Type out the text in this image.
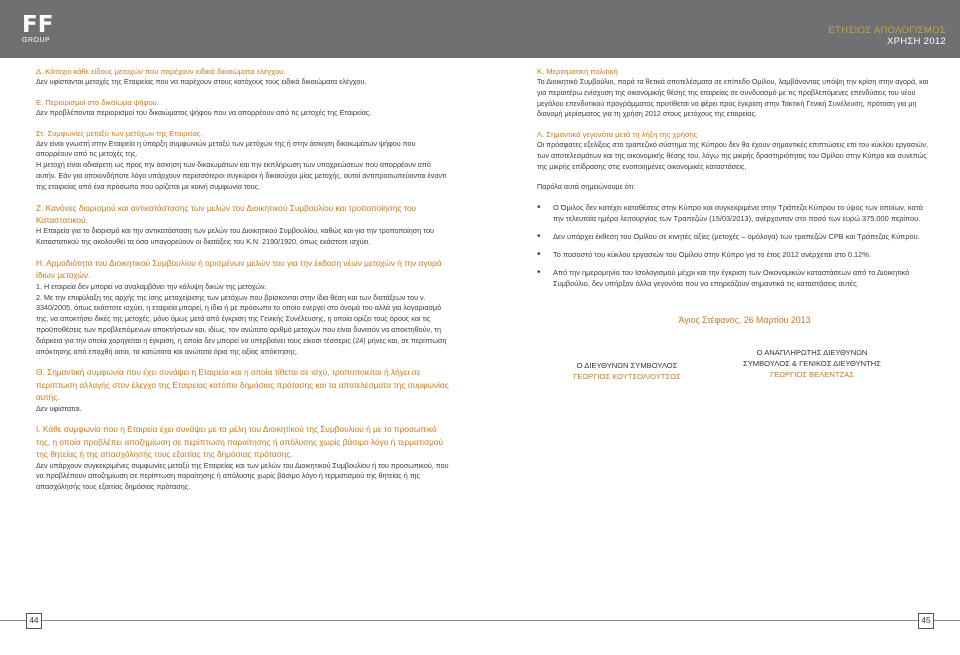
FF
GROUP
ΕΤΗΣΙΟΣ ΑΠΟΛΟΓΙΣΜΟΣ
ΧΡΗΣΗ 2012
Δ. Κάτοχοι κάθε είδους μετοχών που παρέχουν ειδικά δικαιώματα ελέγχου.
Δεν υφίστανται μετοχές της Εταιρείας που να παρέχουν στους κατόχους τους ειδικά δικαιώματα ελέγχου.
Ε. Περιορισμοί στο δικαίωμα ψήφου.
Δεν προβλέπονται περιορισμοί του δικαιώματος ψήφου που να απορρέουν από τις μετοχές της Εταιρείας.
Στ. Συμφωνίες μεταξύ των μετόχων της Εταιρείας.
Δεν είναι γνωστή στην Εταιρεία η ύπαρξη συμφωνιών μεταξύ των μετόχων της ή στην άσκηση δικαιωμάτων ψήφου που απορρέουν από τις μετοχές της.
Η μετοχή είναι αδιαίρετη ως προς την άσκηση των δικαιωμάτων και την εκπλήρωση των υποχρεώσεων που απορρέουν από αυτήν. Εάν για οποιονδήποτε λόγο υπάρχουν περισσότεροι συγκύριοι ή δικαιούχοι μίας μετοχής, αυτοί αντιπροσωπεύονται έναντι της εταιρείας από ένα πρόσωπο που ορίζεται με κοινή συμφωνία τους.
Ζ. Κανόνες διορισμού και αντικατάστασης των μελών του Διοικητικού Συμβουλίου και τροποποίησης του Καταστατικού.
Η Εταιρεία για το διορισμό και την αντικατάσταση των μελών του Διοικητικού Συμβουλίου, καθώς και για την τροποποίηση του Καταστατικού της ακολουθεί τα όσα υπαγορεύουν οι διατάξεις του Κ.Ν. 2190/1920, όπως εκάστοτε ισχύει.
Η. Αρμοδιότητα του Διοικητικού Συμβουλίου ή ορισμένων μελών του για την έκδοση νέων μετοχών ή την αγορά ίδιων μετοχών.
1. Η εταιρεία δεν μπορεί να αναλαμβάνει την κάλυψη δικών της μετοχών.
2. Με την επιφύλαξη της αρχής της ίσης μεταχείρισης των μετόχων που βρίσκονται στην ίδια θέση και των διατάξεων του ν. 3340/2005, όπως εκάστοτε ισχύει, η εταιρεία μπορεί, η ίδια ή με πρόσωπο το οποίο ενεργεί στο όνομά του αλλά για λογαριασμό της, να αποκτήσει δικές της μετοχές, μόνο όμως μετά από έγκριση της Γενικής Συνέλευσης, η οποία ορίζει τους όρους και τις προϋποθέσεις των προβλεπόμενων αποκτήσεων και, ιδίως, τον ανώτατο αριθμό μετοχών που είναι δυνατόν να αποκτηθούν, τη διάρκεια για την οποία χορηγείται η έγκριση, η οποία δεν μπορεί να υπερβαίνει τους είκοσι τέσσερις (24) μήνες και, σε περίπτωση απόκτησης από επαχθή αιτία, τα κατώτατα και ανώτατα όρια της αξίας απόκτησης.
Θ. Σημαντική συμφωνία που έχει συνάψει η Εταιρεία και η οποία τίθεται σε ισχύ, τροποποιείται ή λήγει σε περίπτωση αλλαγής στον έλεγχο της Εταιρείας κατόπιν δημόσιας πρότασης και τα αποτελέσματα της συμφωνίας αυτής.
Δεν υφίσταται.
Ι. Κάθε συμφωνία που η Εταιρεία έχει συνάψει με τα μέλη του Διοικητικού της Συμβουλίου ή με το προσωπικό της, η οποία προβλέπει αποζημίωση σε περίπτωση παραίτησης ή απόλυσης χωρίς βάσιμο λόγο ή τερματισμού της θητείας ή της απασχόλησής τους εξαιτίας της δημόσιας πρότασης.
Δεν υπάρχουν συγκεκριμένες συμφωνίες μεταξύ της Εταιρείας και των μελών του Διοικητικού Συμβουλίου ή του προσωπικού, που να προβλέπουν αποζημίωση σε περίπτωση παραίτησης ή απόλυσης χωρίς βάσιμο λόγο ή τερματισμού της θητείας ή της απασχόλησής τους εξαιτίας δημόσιας πρότασης.
Κ. Μερισματική πολιτική
Το Διοικητικό Συμβούλιο, παρά τα θετικά αποτελέσματα σε επίπεδο Ομίλου, λαμβάνοντας υπόψη την κρίση στην αγορά, και για περαιτέρω ενίσχυση της οικονομικής θέσης της εταιρείας σε συνδυασμό με τις προβλεπόμενες επενδύσεις του νέου μεγάλου επενδυτικού προγράμματος προτίθεται να φέρει προς έγκριση στην Τακτική Γενική Συνέλευση, πρόταση για μη διανομή μερίσματος για τη χρήση 2012 στους μετόχους της εταιρείας.
Λ. Σημαντικά γεγονότα μετά τη λήξη της χρήσης
Οι πρόσφατες εξελίξεις στο τραπεζικό σύστημα της Κύπρου δεν θα έχουν σημαντικές επιπτώσεις επί του κύκλου εργασιών, των αποτελεσμάτων και της οικονομικής θέσης του, λόγω της μικρής δραστηριότητας του Ομίλου στην Κύπρο και συνεπώς της μικρής επίδρασης στις ενοποιημένες οικονομικές καταστάσεις.
Παρόλα αυτά σημειώνουμε ότι:
• Ο Όμιλος δεν κατέχει καταθέσεις στην Κύπρο και συγκεκριμένα στην Τράπεζα Κύπρου το ύψος των οποίων, κατά την τελευταία ημέρα λειτουργίας των Τραπεζών (15/03/2013), ανέρχονταν στο ποσό των ευρώ 375.000 περίπου.
• Δεν υπάρχει έκθεση του Ομίλου σε κινητές αξίες (μετοχές – ομόλογα) των τραπεζών CPB και Τράπεζας Κύπρου.
• Το ποσοστό του κύκλου εργασιών του Ομίλου στην Κύπρο για το έτος 2012 ανέρχεται στο 0,12%.
• Από την ημερομηνία του Ισολογισμού μέχρι και την έγκριση των Οικονομικών καταστάσεων από το Διοικητικό Συμβούλιο, δεν υπήρξαν άλλα γεγονότα που να επηρεάζουν σημαντικά τις καταστάσεις αυτές.
Άγιος Στέφανος, 26 Μαρτίου 2013
Ο ΔΙΕΥΘΥΝΩΝ ΣΥΜΒΟΥΛΟΣ
ΓΕΩΡΓΙΟΣ ΚΟΥΤΣΟΛΙΟΥΤΣΟΣ
Ο ΑΝΑΠΛΗΡΩΤΗΣ ΔΙΕΥΘΥΝΩΝ
ΣΥΜΒΟΥΛΟΣ & ΓΕΝΙΚΟΣ ΔΙΕΥΘΥΝΤΗΣ
ΓΕΩΡΓΙΟΣ ΒΕΛΕΝΤΖΑΣ
44	45
